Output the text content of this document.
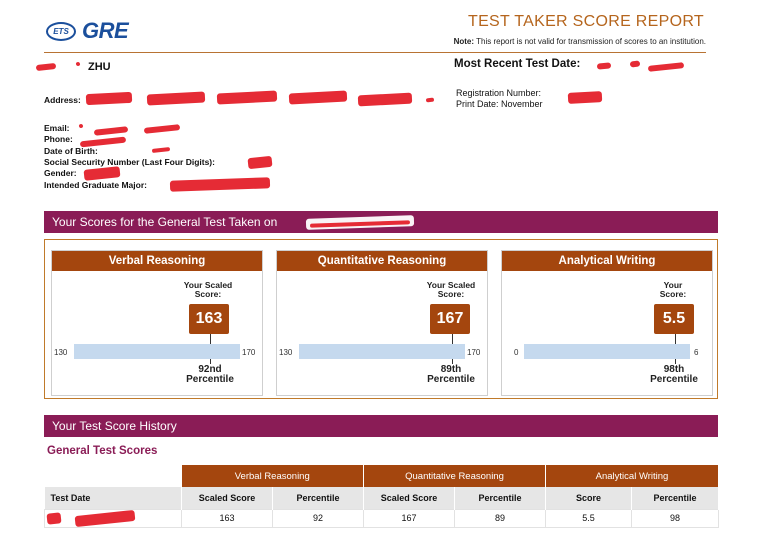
ETS GRE	TEST TAKER SCORE REPORT
Note: This report is not valid for transmission of scores to an institution.
ZHU	Most Recent Test Date:
Address:
Registration Number:
Print Date: November
Email:
Phone:
Date of Birth:
Social Security Number (Last Four Digits):
Gender:
Intended Graduate Major:
Your Scores for the General Test Taken on
Verbal Reasoning
Your Scaled
Score:
163
130	170
92nd
Percentile
Quantitative Reasoning
Your Scaled
Score:
167
130	170
89th
Percentile
Analytical Writing
Your
Score:
5.5
0	6
98th
Percentile
Your Test Score History
General Test Scores
	Verbal Reasoning		Quantitative Reasoning		Analytical Writing	
Test Date	Scaled Score	Percentile	Scaled Score	Percentile	Score	Percentile

	163	92	167	89	5.5	98
